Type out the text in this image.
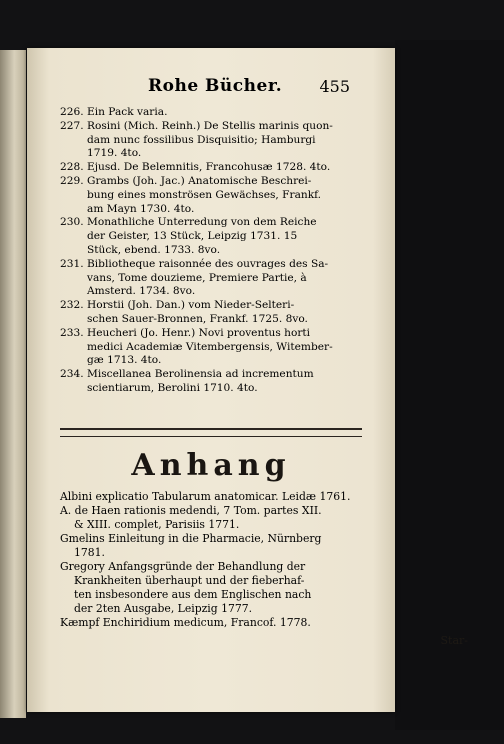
Rohe Bücher. 455
226. Ein Pack varia.
227. Rosini (Mich. Reinh.) De Stellis marinis quon-
dam nunc fossilibus Disquisitio; Hamburgi
1719. 4to.
228. Ejusd. De Belemnitis, Francohusæ 1728. 4to.
229. Grambs (Joh. Jac.) Anatomische Beschrei-
bung eines monströsen Gewächses, Frankf.
am Mayn 1730. 4to.
230. Monathliche Unterredung von dem Reiche
der Geister, 13 Stück, Leipzig 1731. 15
Stück, ebend. 1733. 8vo.
231. Bibliotheque raisonnée des ouvrages des Sa-
vans, Tome douzieme, Premiere Partie, à
Amsterd. 1734. 8vo.
232. Horstii (Joh. Dan.) vom Nieder-Selteri-
schen Sauer-Bronnen, Frankf. 1725. 8vo.
233. Heucheri (Jo. Henr.) Novi proventus horti
medici Academiæ Vitembergensis, Witember-
gæ 1713. 4to.
234. Miscellanea Berolinensia ad incrementum
scientiarum, Berolini 1710. 4to.
Anhang
Albini explicatio Tabularum anatomicar. Leidæ 1761.
A. de Haen rationis medendi, 7 Tom. partes XII.
& XIII. complet, Parisiis 1771.
Gmelins Einleitung in die Pharmacie, Nürnberg
1781.
Gregory Anfangsgründe der Behandlung der
Krankheiten überhaupt und der fieberhaf-
ten insbesondere aus dem Englischen nach
der 2ten Ausgabe, Leipzig 1777.
Kæmpf Enchiridium medicum, Francof. 1778.
Star-
